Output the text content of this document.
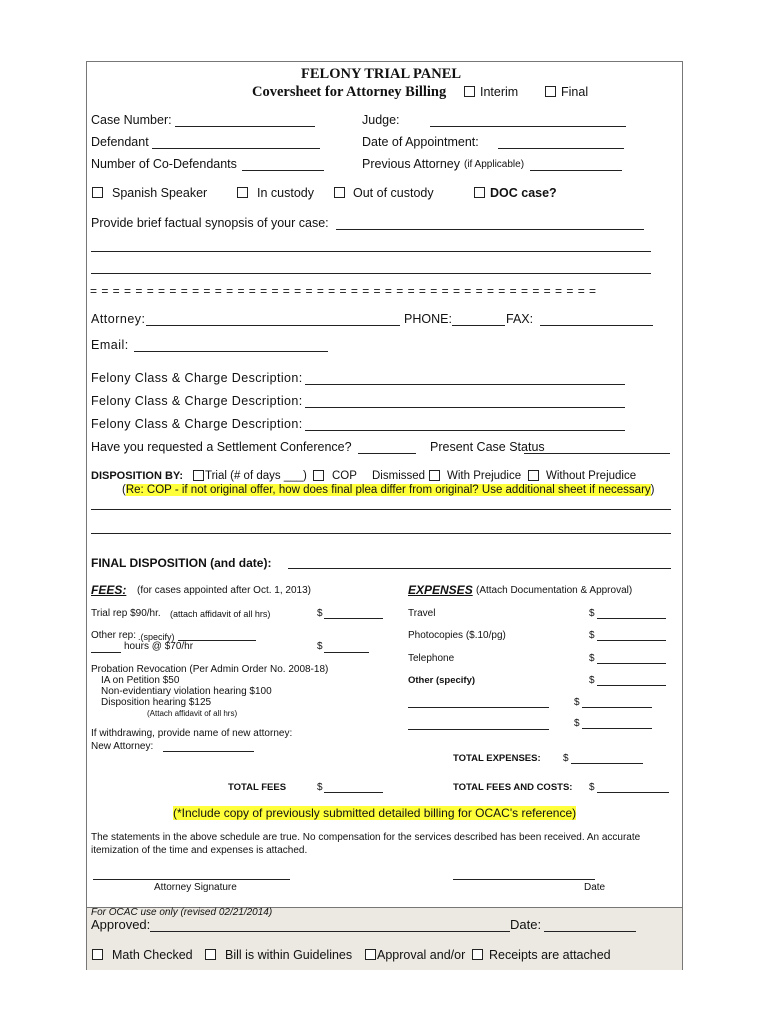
FELONY TRIAL PANEL
Coversheet for Attorney Billing	Interim	Final
Case Number:	Judge:
Defendant	Date of Appointment:
Number of Co-Defendants	Previous Attorney (if Applicable)
Spanish Speaker	In custody	Out of custody	DOC case?
Provide brief factual synopsis of your case:
= = = = = = = = = = = = = = = = = = = = = = = = = = = = = = = = = = = = = = = = = = = = =
Attorney:	PHONE:	FAX:
Email:
Felony Class & Charge Description:
Felony Class & Charge Description:
Felony Class & Charge Description:
Have you requested a Settlement Conference?	Present Case Status
DISPOSITION BY: Trial (# of days ___) COP Dismissed With Prejudice Without Prejudice
(Re: COP - if not original offer, how does final plea differ from original? Use additional sheet if necessary)
FINAL DISPOSITION (and date):
FEES: (for cases appointed after Oct. 1, 2013)
Trial rep $90/hr. (attach affidavit of all hrs)	$
Other rep: .(specify)
hours @ $70/hr	$
Probation Revocation (Per Admin Order No. 2008-18)
IA on Petition $50
Non-evidentiary violation hearing $100
Disposition hearing $125
(Attach affidavit of all hrs)
If withdrawing, provide name of new attorney:
New Attorney:
TOTAL FEES	$
EXPENSES (Attach Documentation & Approval)
Travel	$
Photocopies ($.10/pg)	$
Telephone	$
Other (specify)	$
$
$
TOTAL EXPENSES: $
TOTAL FEES AND COSTS: $
(*Include copy of previously submitted detailed billing for OCAC's reference)
The statements in the above schedule are true. No compensation for the services described has been received. An accurate
itemization of the time and expenses is attached.
Attorney Signature	Date
For OCAC use only (revised 02/21/2014)
Approved:	Date:
Math Checked	Bill is within Guidelines Approval and/or Receipts are attached
